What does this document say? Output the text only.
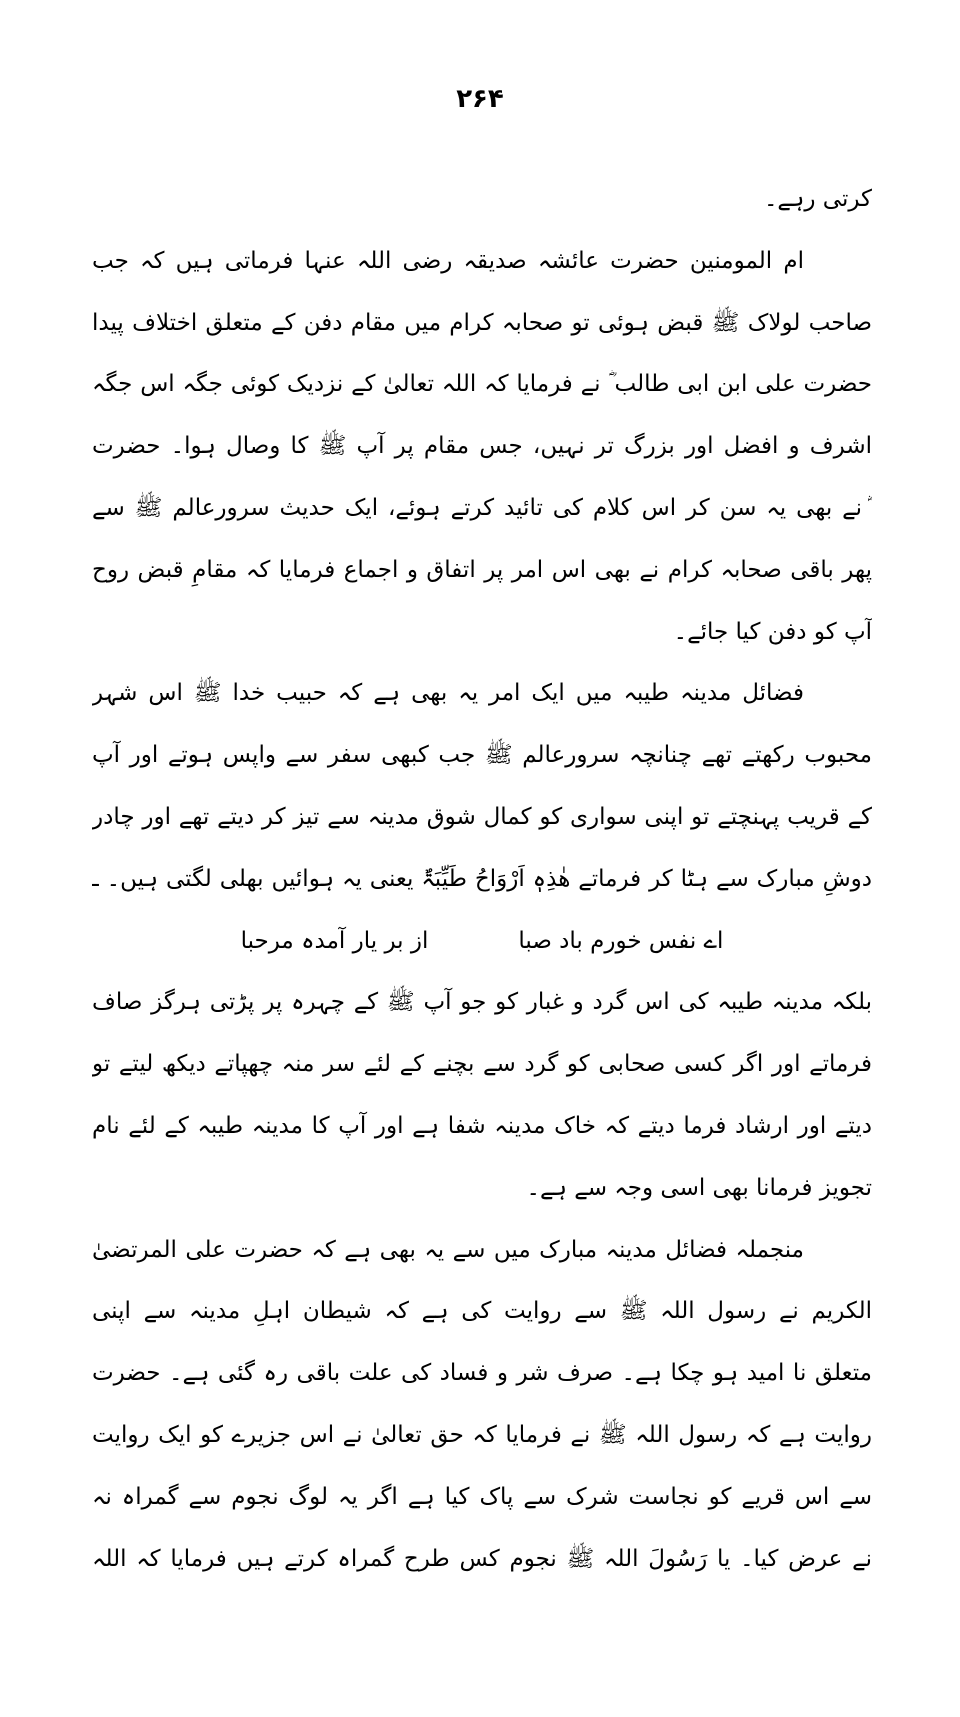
۲۶۴
کرتی رہے۔
ام المومنین حضرت عائشہ صدیقہ رضی اللہ عنہا فرماتی ہیں کہ جب
صاحب لولاک ﷺ قبض ہوئی تو صحابہ کرام میں مقام دفن کے متعلق اختلاف پیدا
حضرت علی ابن ابی طالب ؓ نے فرمایا کہ اللہ تعالیٰ کے نزدیک کوئی جگہ اس جگہ
اشرف و افضل اور بزرگ تر نہیں، جس مقام پر آپ ﷺ کا وصال ہوا۔ حضرت
ؓ نے بھی یہ سن کر اس کلام کی تائید کرتے ہوئے، ایک حدیث سرورعالم ﷺ سے
پھر باقی صحابہ کرام نے بھی اس امر پر اتفاق و اجماع فرمایا کہ مقامِ قبض روح
آپ کو دفن کیا جائے۔
فضائل مدینہ طیبہ میں ایک امر یہ بھی ہے کہ حبیب خدا ﷺ اس شہر
محبوب رکھتے تھے چنانچہ سرورعالم ﷺ جب کبھی سفر سے واپس ہوتے اور آپ
کے قریب پہنچتے تو اپنی سواری کو کمال شوق مدینہ سے تیز کر دیتے تھے اور چادر
دوشِ مبارک سے ہٹا کر فرماتے ھٰذِہٖ اَرْوَاحُ طَیِّبَۃٌ یعنی یہ ہوائیں بھلی لگتی ہیں۔ ـ
اے نفس خورم باد صبا
از بر یار آمدہ مرحبا
بلکہ مدینہ طیبہ کی اس گرد و غبار کو جو آپ ﷺ کے چہرہ پر پڑتی ہرگز صاف
فرماتے اور اگر کسی صحابی کو گرد سے بچنے کے لئے سر منہ چھپاتے دیکھ لیتے تو
دیتے اور ارشاد فرما دیتے کہ خاک مدینہ شفا ہے اور آپ کا مدینہ طیبہ کے لئے نام
تجویز فرمانا بھی اسی وجہ سے ہے۔
منجملہ فضائل مدینہ مبارک میں سے یہ بھی ہے کہ حضرت علی المرتضیٰ
الکریم نے رسول اللہ ﷺ سے روایت کی ہے کہ شیطان اہلِ مدینہ سے اپنی
متعلق نا امید ہو چکا ہے۔ صرف شر و فساد کی علت باقی رہ گئی ہے۔ حضرت
روایت ہے کہ رسول اللہ ﷺ نے فرمایا کہ حق تعالیٰ نے اس جزیرے کو ایک روایت
سے اس قریے کو نجاست شرک سے پاک کیا ہے اگر یہ لوگ نجوم سے گمراہ نہ
نے عرض کیا۔ یا رَسُولَ اللہ ﷺ نجوم کس طرح گمراہ کرتے ہیں فرمایا کہ اللہ
